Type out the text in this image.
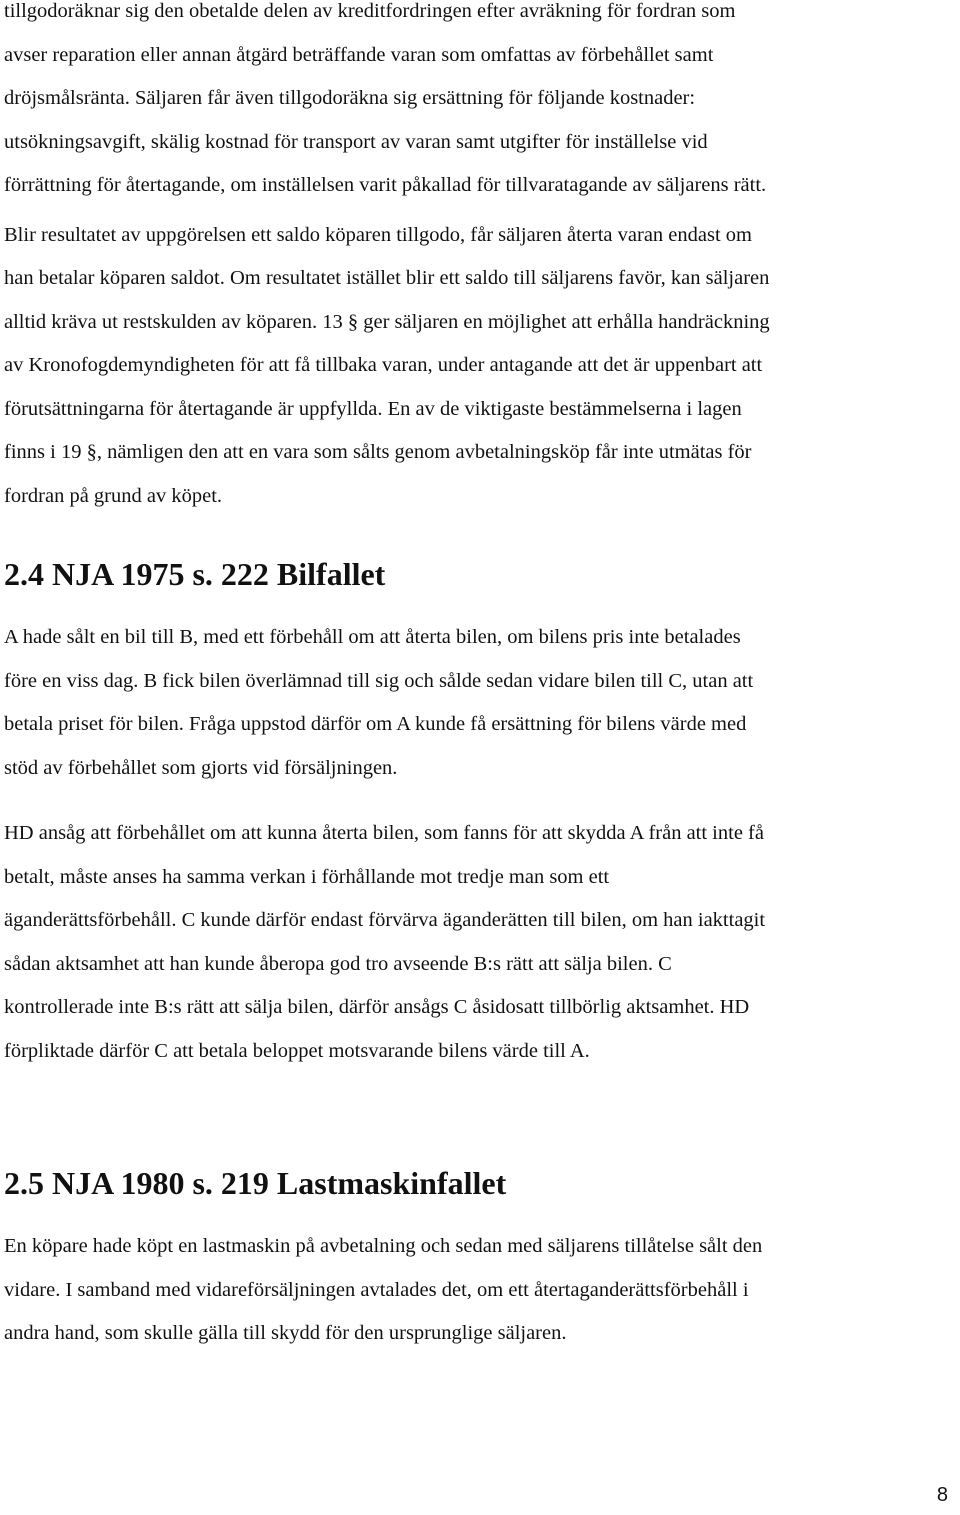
tillgodoräknar sig den obetalde delen av kreditfordringen efter avräkning för fordran som
avser reparation eller annan åtgärd beträffande varan som omfattas av förbehållet samt
dröjsmålsränta. Säljaren får även tillgodoräkna sig ersättning för följande kostnader:
utsökningsavgift, skälig kostnad för transport av varan samt utgifter för inställelse vid
förrättning för återtagande, om inställelsen varit påkallad för tillvaratagande av säljarens rätt.
Blir resultatet av uppgörelsen ett saldo köparen tillgodo, får säljaren återta varan endast om
han betalar köparen saldot. Om resultatet istället blir ett saldo till säljarens favör, kan säljaren
alltid kräva ut restskulden av köparen. 13 § ger säljaren en möjlighet att erhålla handräckning
av Kronofogdemyndigheten för att få tillbaka varan, under antagande att det är uppenbart att
förutsättningarna för återtagande är uppfyllda. En av de viktigaste bestämmelserna i lagen
finns i 19 §, nämligen den att en vara som sålts genom avbetalningsköp får inte utmätas för
fordran på grund av köpet.
2.4 NJA 1975 s. 222 Bilfallet
A hade sålt en bil till B, med ett förbehåll om att återta bilen, om bilens pris inte betalades
före en viss dag. B fick bilen överlämnad till sig och sålde sedan vidare bilen till C, utan att
betala priset för bilen. Fråga uppstod därför om A kunde få ersättning för bilens värde med
stöd av förbehållet som gjorts vid försäljningen.
HD ansåg att förbehållet om att kunna återta bilen, som fanns för att skydda A från att inte få
betalt, måste anses ha samma verkan i förhållande mot tredje man som ett
äganderättsförbehåll. C kunde därför endast förvärva äganderätten till bilen, om han iakttagit
sådan aktsamhet att han kunde åberopa god tro avseende B:s rätt att sälja bilen. C
kontrollerade inte B:s rätt att sälja bilen, därför ansågs C åsidosatt tillbörlig aktsamhet. HD
förpliktade därför C att betala beloppet motsvarande bilens värde till A.
2.5 NJA 1980 s. 219 Lastmaskinfallet
En köpare hade köpt en lastmaskin på avbetalning och sedan med säljarens tillåtelse sålt den
vidare. I samband med vidareförsäljningen avtalades det, om ett återtaganderättsförbehåll i
andra hand, som skulle gälla till skydd för den ursprunglige säljaren.
8
